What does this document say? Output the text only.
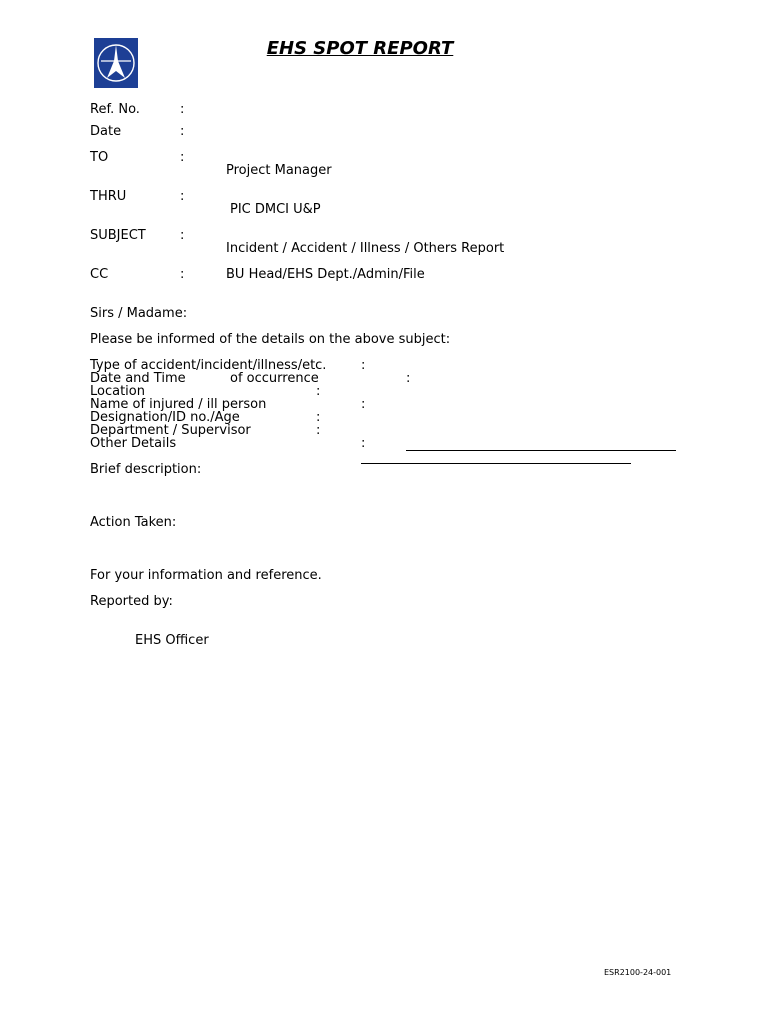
EHS SPOT REPORT
Ref. No.	:
Date	:
TO	:
Project Manager
THRU	:
PIC DMCI U&P
SUBJECT	:
Incident / Accident / Illness / Others Report
CC	:	BU Head/EHS Dept./Admin/File
Sirs / Madame:
Please be informed of the details on the above subject:
Type of accident/incident/illness/etc.	:
Date and Time	of occurrence	:
Location	:
Name of injured / ill person	:
Designation/ID no./Age	:
Department / Supervisor	:
Other Details	:
Brief description:
Action Taken:
For your information and reference.
Reported by:
EHS Officer
ESR2100-24-001
